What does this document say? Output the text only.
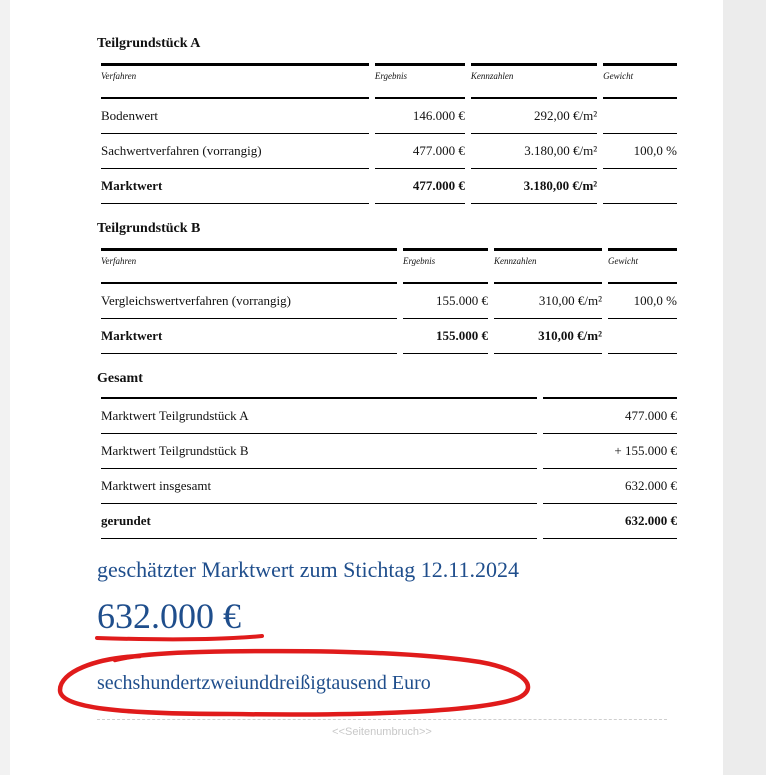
Teilgrundstück A
Verfahren	Ergebnis	Kennzahlen	Gewicht
Bodenwert	146.000 €	292,00 €/m²	
Sachwertverfahren (vorrangig)	477.000 €	3.180,00 €/m²	100,0 %
Marktwert	477.000 €	3.180,00 €/m²	
Teilgrundstück B
Verfahren	Ergebnis	Kennzahlen	Gewicht
Vergleichswertverfahren (vorrangig)	155.000 €	310,00 €/m²	100,0 %
Marktwert	155.000 €	310,00 €/m²	
Gesamt
Marktwert Teilgrundstück A	477.000 €
Marktwert Teilgrundstück B	+ 155.000 €
Marktwert insgesamt	632.000 €
gerundet	632.000 €
geschätzter Marktwert zum Stichtag 12.11.2024
632.000 €
sechshundertzweiunddreißigtausend Euro
<<Seitenumbruch>>
